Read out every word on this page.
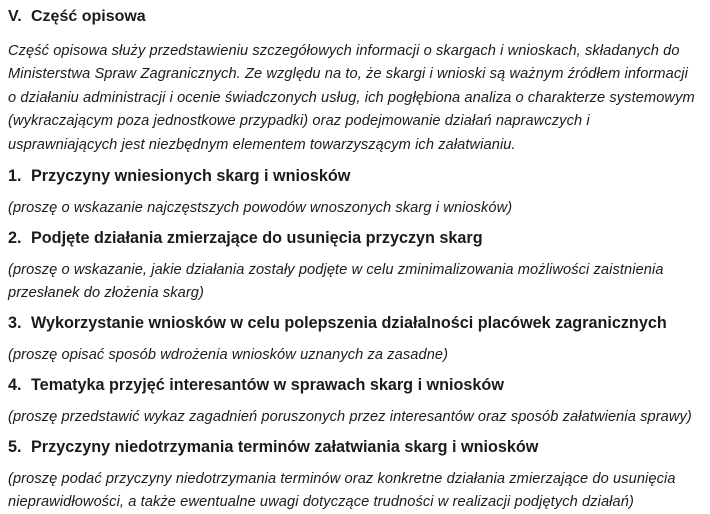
V. Część opisowa

Część opisowa służy przedstawieniu szczegółowych informacji o skargach i wnioskach, składanych do Ministerstwa Spraw Zagranicznych. Ze względu na to, że skargi i wnioski są ważnym źródłem informacji o działaniu administracji i ocenie świadczonych usług, ich pogłębiona analiza o charakterze systemowym (wykraczającym poza jednostkowe przypadki) oraz podejmowanie działań naprawczych i usprawniających jest niezbędnym elementem towarzyszącym ich załatwianiu.

1. Przyczyny wniesionych skarg i wniosków

(proszę o wskazanie najczęstszych powodów wnoszonych skarg i wniosków)

2. Podjęte działania zmierzające do usunięcia przyczyn skarg

(proszę o wskazanie, jakie działania zostały podjęte w celu zminimalizowania możliwości zaistnienia przesłanek do złożenia skarg)

3. Wykorzystanie wniosków w celu polepszenia działalności placówek zagranicznych

(proszę opisać sposób wdrożenia wniosków uznanych za zasadne)

4. Tematyka przyjęć interesantów w sprawach skarg i wniosków

(proszę przedstawić wykaz zagadnień poruszonych przez interesantów oraz sposób załatwienia sprawy)

5. Przyczyny niedotrzymania terminów załatwiania skarg i wniosków

(proszę podać przyczyny niedotrzymania terminów oraz konkretne działania zmierzające do usunięcia nieprawidłowości, a także ewentualne uwagi dotyczące trudności w realizacji podjętych działań)
